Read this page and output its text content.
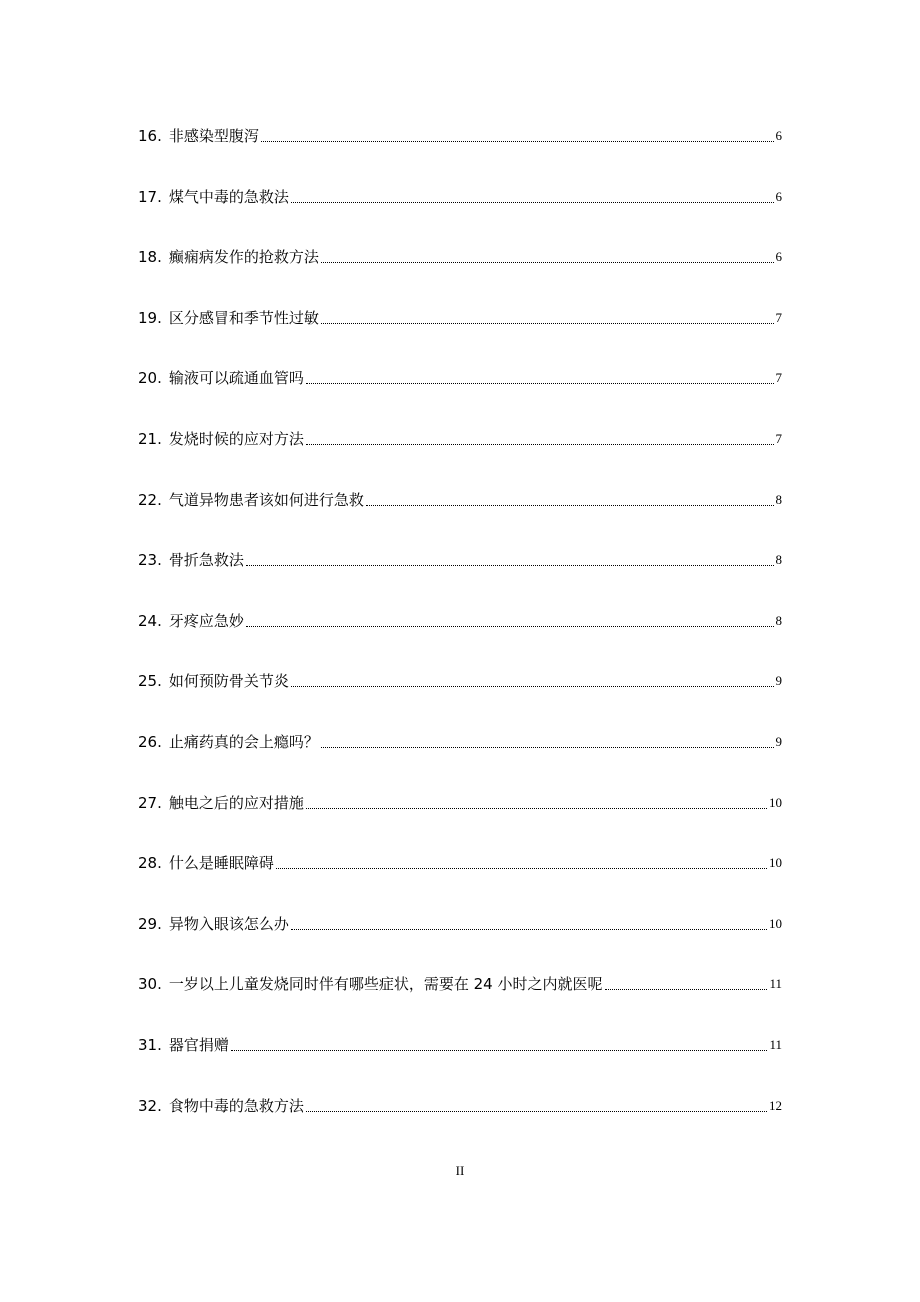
16. 非感染型腹泻	6
17. 煤气中毒的急救法	6
18. 癫痫病发作的抢救方法	6
19. 区分感冒和季节性过敏	7
20. 输液可以疏通血管吗	7
21. 发烧时候的应对方法	7
22. 气道异物患者该如何进行急救	8
23. 骨折急救法	8
24. 牙疼应急妙	8
25. 如何预防骨关节炎	9
26. 止痛药真的会上瘾吗？	9
27. 触电之后的应对措施	10
28. 什么是睡眠障碍	10
29. 异物入眼该怎么办	10
30. 一岁以上儿童发烧同时伴有哪些症状，需要在 24 小时之内就医呢	11
31. 器官捐赠	11
32. 食物中毒的急救方法	12
II
